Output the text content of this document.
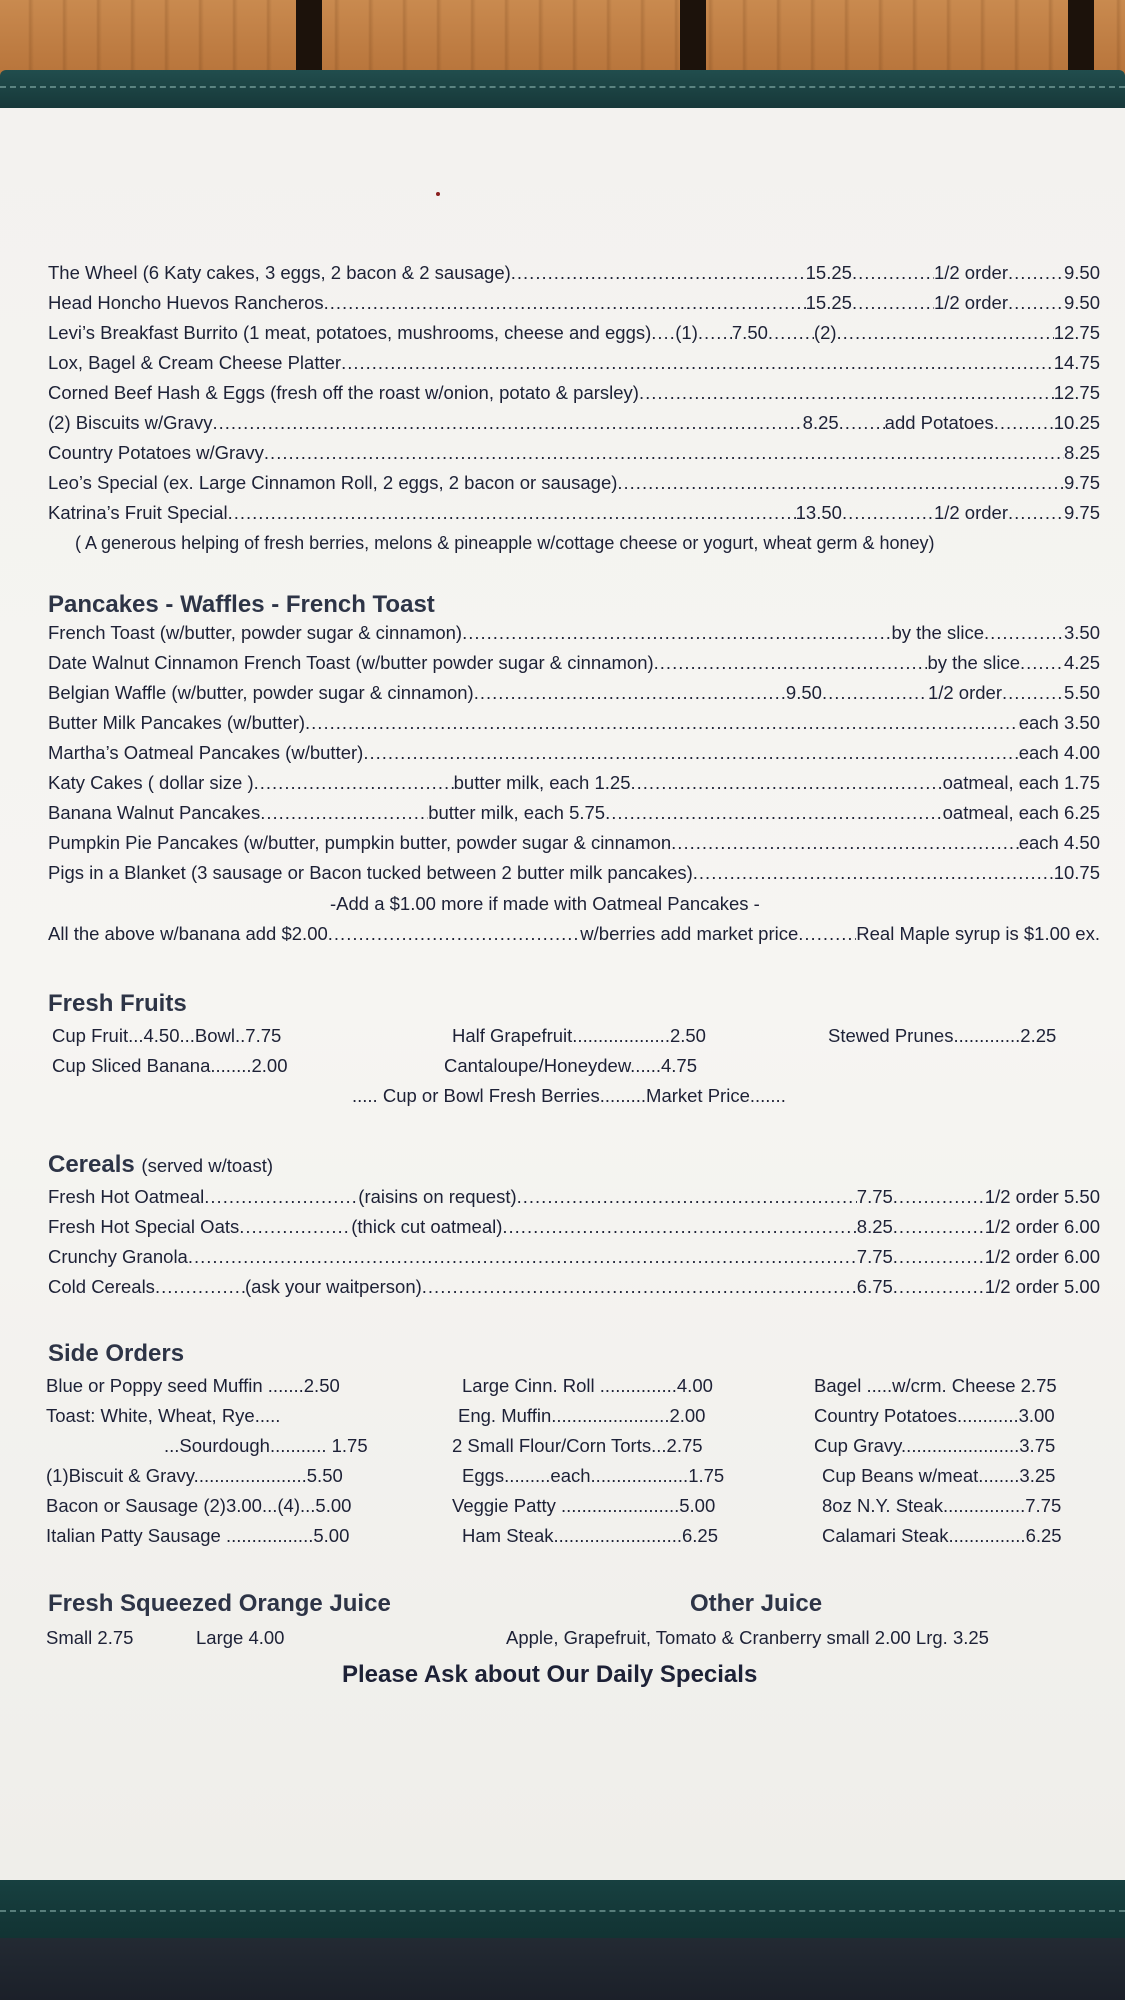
The Wheel (6 Katy cakes, 3 eggs, 2 bacon & 2 sausage) .....	15.25 .....	1/2 order .....	9.50
Head Honcho Huevos Rancheros .....	15.25 .....	1/2 order .....	9.50
Levi’s Breakfast Burrito (1 meat, potatoes, mushrooms, cheese and eggs) ..... (1) ..... 7.50 ..... (2) .....	12.75
Lox, Bagel & Cream Cheese Platter .....	14.75
Corned Beef Hash & Eggs (fresh off the roast w/onion, potato & parsley) .....	12.75
(2) Biscuits w/Gravy .....	8.25 ..... add Potatoes .....	10.25
Country Potatoes w/Gravy .....	8.25
Leo’s Special (ex. Large Cinnamon Roll, 2 eggs, 2 bacon or sausage) .....	9.75
Katrina’s Fruit Special .....	13.50 .....	1/2 order .....	9.75
( A generous helping of fresh berries, melons & pineapple w/cottage cheese or yogurt, wheat germ & honey)
Pancakes - Waffles - French Toast
French Toast (w/butter, powder sugar & cinnamon) .....	by the slice .....	3.50
Date Walnut Cinnamon French Toast (w/butter powder sugar & cinnamon) .....	by the slice ..... 4.25
Belgian Waffle (w/butter, powder sugar & cinnamon) .....	9.50 .....	1/2 order .....	5.50
Butter Milk Pancakes (w/butter) .....	each 3.50
Martha’s Oatmeal Pancakes (w/butter) .....	each 4.00
Katy Cakes ( dollar size ) .....	butter milk, each 1.25 .....	oatmeal, each 1.75
Banana Walnut Pancakes .....	butter milk, each 5.75 .....	oatmeal, each 6.25
Pumpkin Pie Pancakes (w/butter, pumpkin butter, powder sugar & cinnamon .....	each 4.50
Pigs in a Blanket (3 sausage or Bacon tucked between 2 butter milk pancakes) .....	10.75
-Add a $1.00 more if made with Oatmeal Pancakes -
All the above w/banana add $2.00 .....	w/berries add market price .....	Real Maple syrup is $1.00 ex.
Fresh Fruits
Cup Fruit...4.50...Bowl..7.75
Cup Sliced Banana........2.00
Half Grapefruit...................2.50
Cantaloupe/Honeydew......4.75
Stewed Prunes.............2.25
..... Cup or Bowl Fresh Berries.........Market Price.......
Cereals (served w/toast)
Fresh Hot Oatmeal .....	(raisins on request) .....	7.75 .....	1/2 order 5.50
Fresh Hot Special Oats .....	(thick cut oatmeal) .....	8.25 .....	1/2 order 6.00
Crunchy Granola .....	7.75 .....	1/2 order 6.00
Cold Cereals .....	(ask your waitperson) .....	6.75 .....	1/2 order 5.00
Side Orders
Blue or Poppy seed Muffin .......2.50
Toast: White, Wheat, Rye.....
...Sourdough........... 1.75
(1)Biscuit & Gravy......................5.50
Bacon or Sausage (2)3.00...(4)...5.00
Italian Patty Sausage .................5.00
Large Cinn. Roll ...............4.00
Eng. Muffin.......................2.00
2 Small Flour/Corn Torts...2.75
Eggs.........each...................1.75
Veggie Patty .......................5.00
Ham Steak.........................6.25
Bagel .....w/crm. Cheese 2.75
Country Potatoes............3.00
Cup Gravy.......................3.75
Cup Beans w/meat........3.25
8oz N.Y. Steak................7.75
Calamari Steak...............6.25
Fresh Squeezed Orange Juice
Small 2.75	Large 4.00
Other Juice
Apple, Grapefruit, Tomato & Cranberry small 2.00 Lrg. 3.25
Please Ask about Our Daily Specials
